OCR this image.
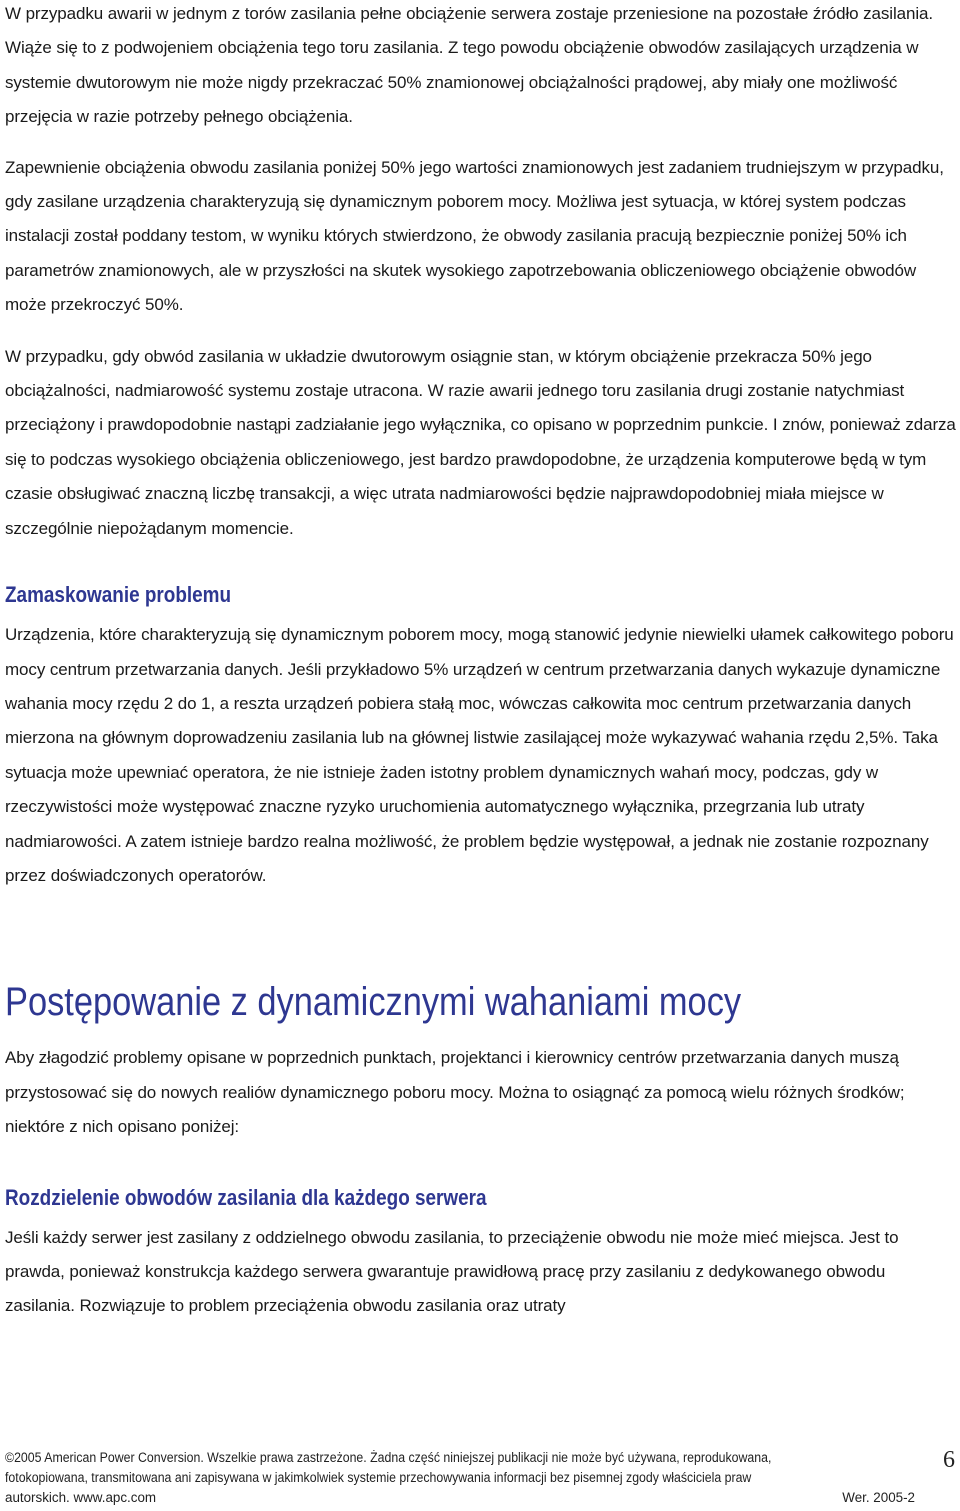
W przypadku awarii w jednym z torów zasilania pełne obciążenie serwera zostaje przeniesione na pozostałe źródło zasilania. Wiąże się to z podwojeniem obciążenia tego toru zasilania. Z tego powodu obciążenie obwodów zasilających urządzenia w systemie dwutorowym nie może nigdy przekraczać 50% znamionowej obciążalności prądowej, aby miały one możliwość przejęcia w razie potrzeby pełnego obciążenia.

Zapewnienie obciążenia obwodu zasilania poniżej 50% jego wartości znamionowych jest zadaniem trudniejszym w przypadku, gdy zasilane urządzenia charakteryzują się dynamicznym poborem mocy. Możliwa jest sytuacja, w której system podczas instalacji został poddany testom, w wyniku których stwierdzono, że obwody zasilania pracują bezpiecznie poniżej 50% ich parametrów znamionowych, ale w przyszłości na skutek wysokiego zapotrzebowania obliczeniowego obciążenie obwodów może przekroczyć 50%.

W przypadku, gdy obwód zasilania w układzie dwutorowym osiągnie stan, w którym obciążenie przekracza 50% jego obciążalności, nadmiarowość systemu zostaje utracona. W razie awarii jednego toru zasilania drugi zostanie natychmiast przeciążony i prawdopodobnie nastąpi zadziałanie jego wyłącznika, co opisano w poprzednim punkcie. I znów, ponieważ zdarza się to podczas wysokiego obciążenia obliczeniowego, jest bardzo prawdopodobne, że urządzenia komputerowe będą w tym czasie obsługiwać znaczną liczbę transakcji, a więc utrata nadmiarowości będzie najprawdopodobniej miała miejsce w szczególnie niepożądanym momencie.

Zamaskowanie problemu

Urządzenia, które charakteryzują się dynamicznym poborem mocy, mogą stanowić jedynie niewielki ułamek całkowitego poboru mocy centrum przetwarzania danych. Jeśli przykładowo 5% urządzeń w centrum przetwarzania danych wykazuje dynamiczne wahania mocy rzędu 2 do 1, a reszta urządzeń pobiera stałą moc, wówczas całkowita moc centrum przetwarzania danych mierzona na głównym doprowadzeniu zasilania lub na głównej listwie zasilającej może wykazywać wahania rzędu 2,5%. Taka sytuacja może upewniać operatora, że nie istnieje żaden istotny problem dynamicznych wahań mocy, podczas, gdy w rzeczywistości może występować znaczne ryzyko uruchomienia automatycznego wyłącznika, przegrzania lub utraty nadmiarowości. A zatem istnieje bardzo realna możliwość, że problem będzie występował, a jednak nie zostanie rozpoznany przez doświadczonych operatorów.

Postępowanie z dynamicznymi wahaniami mocy

Aby złagodzić problemy opisane w poprzednich punktach, projektanci i kierownicy centrów przetwarzania danych muszą przystosować się do nowych realiów dynamicznego poboru mocy. Można to osiągnąć za pomocą wielu różnych środków; niektóre z nich opisano poniżej:

Rozdzielenie obwodów zasilania dla każdego serwera

Jeśli każdy serwer jest zasilany z oddzielnego obwodu zasilania, to przeciążenie obwodu nie może mieć miejsca. Jest to prawda, ponieważ konstrukcja każdego serwera gwarantuje prawidłową pracę przy zasilaniu z dedykowanego obwodu zasilania. Rozwiązuje to problem przeciążenia obwodu zasilania oraz utraty

©2005 American Power Conversion. Wszelkie prawa zastrzeżone. Żadna część niniejszej publikacji nie może być używana, reprodukowana,
fotokopiowana, transmitowana ani zapisywana w jakimkolwiek systemie przechowywania informacji bez pisemnej zgody właściciela praw
autorskich. www.apc.com	Wer. 2005-2
6
